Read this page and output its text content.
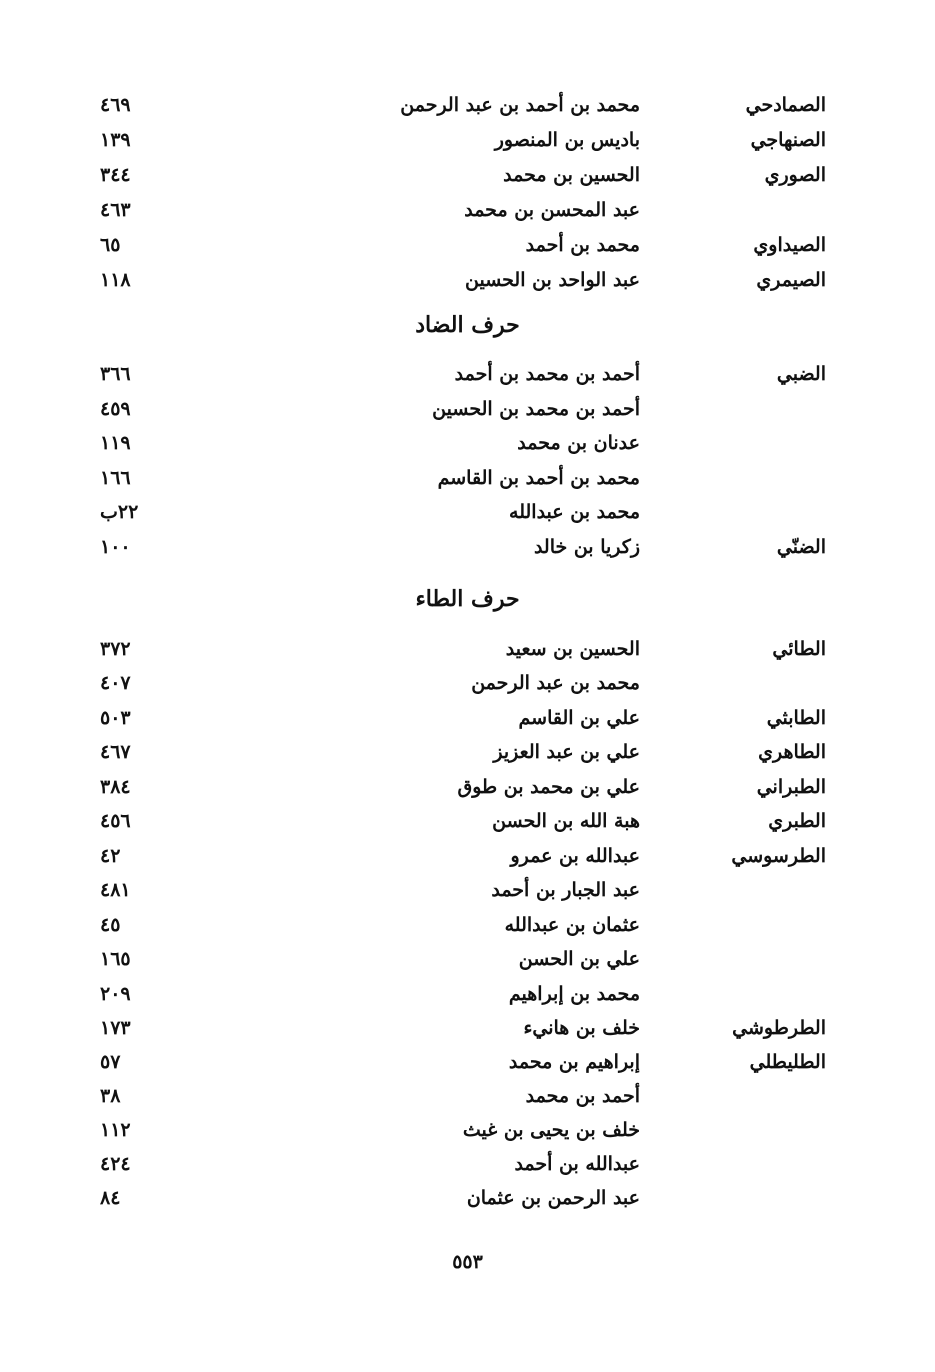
الصمادحي
محمد بن أحمد بن عبد الرحمن
٤٦٩
الصنهاجي
باديس بن المنصور
١٣٩
الصوري
الحسين بن محمد
٣٤٤
عبد المحسن بن محمد
٤٦٣
الصيداوي
محمد بن أحمد
٦٥
الصيمري
عبد الواحد بن الحسين
١١٨
حرف الضاد
الضبي
أحمد بن محمد بن أحمد
٣٦٦
أحمد بن محمد بن الحسين
٤٥٩
عدنان بن محمد
١١٩
محمد بن أحمد بن القاسم
١٦٦
محمد بن عبدالله
٢٢ب
الضنّي
زكريا بن خالد
١٠٠
حرف الطاء
الطائي
الحسين بن سعيد
٣٧٢
محمد بن عبد الرحمن
٤٠٧
الطابثي
علي بن القاسم
٥٠٣
الطاهري
علي بن عبد العزيز
٤٦٧
الطبراني
علي بن محمد بن طوق
٣٨٤
الطبري
هبة الله بن الحسن
٤٥٦
الطرسوسي
عبدالله بن عمرو
٤٢
عبد الجبار بن أحمد
٤٨١
عثمان بن عبدالله
٤٥
علي بن الحسن
١٦٥
محمد بن إبراهيم
٢٠٩
الطرطوشي
خلف بن هانيء
١٧٣
الطليطلي
إبراهيم بن محمد
٥٧
أحمد بن محمد
٣٨
خلف بن يحيى بن غيث
١١٢
عبدالله بن أحمد
٤٢٤
عبد الرحمن بن عثمان
٨٤
٥٥٣
